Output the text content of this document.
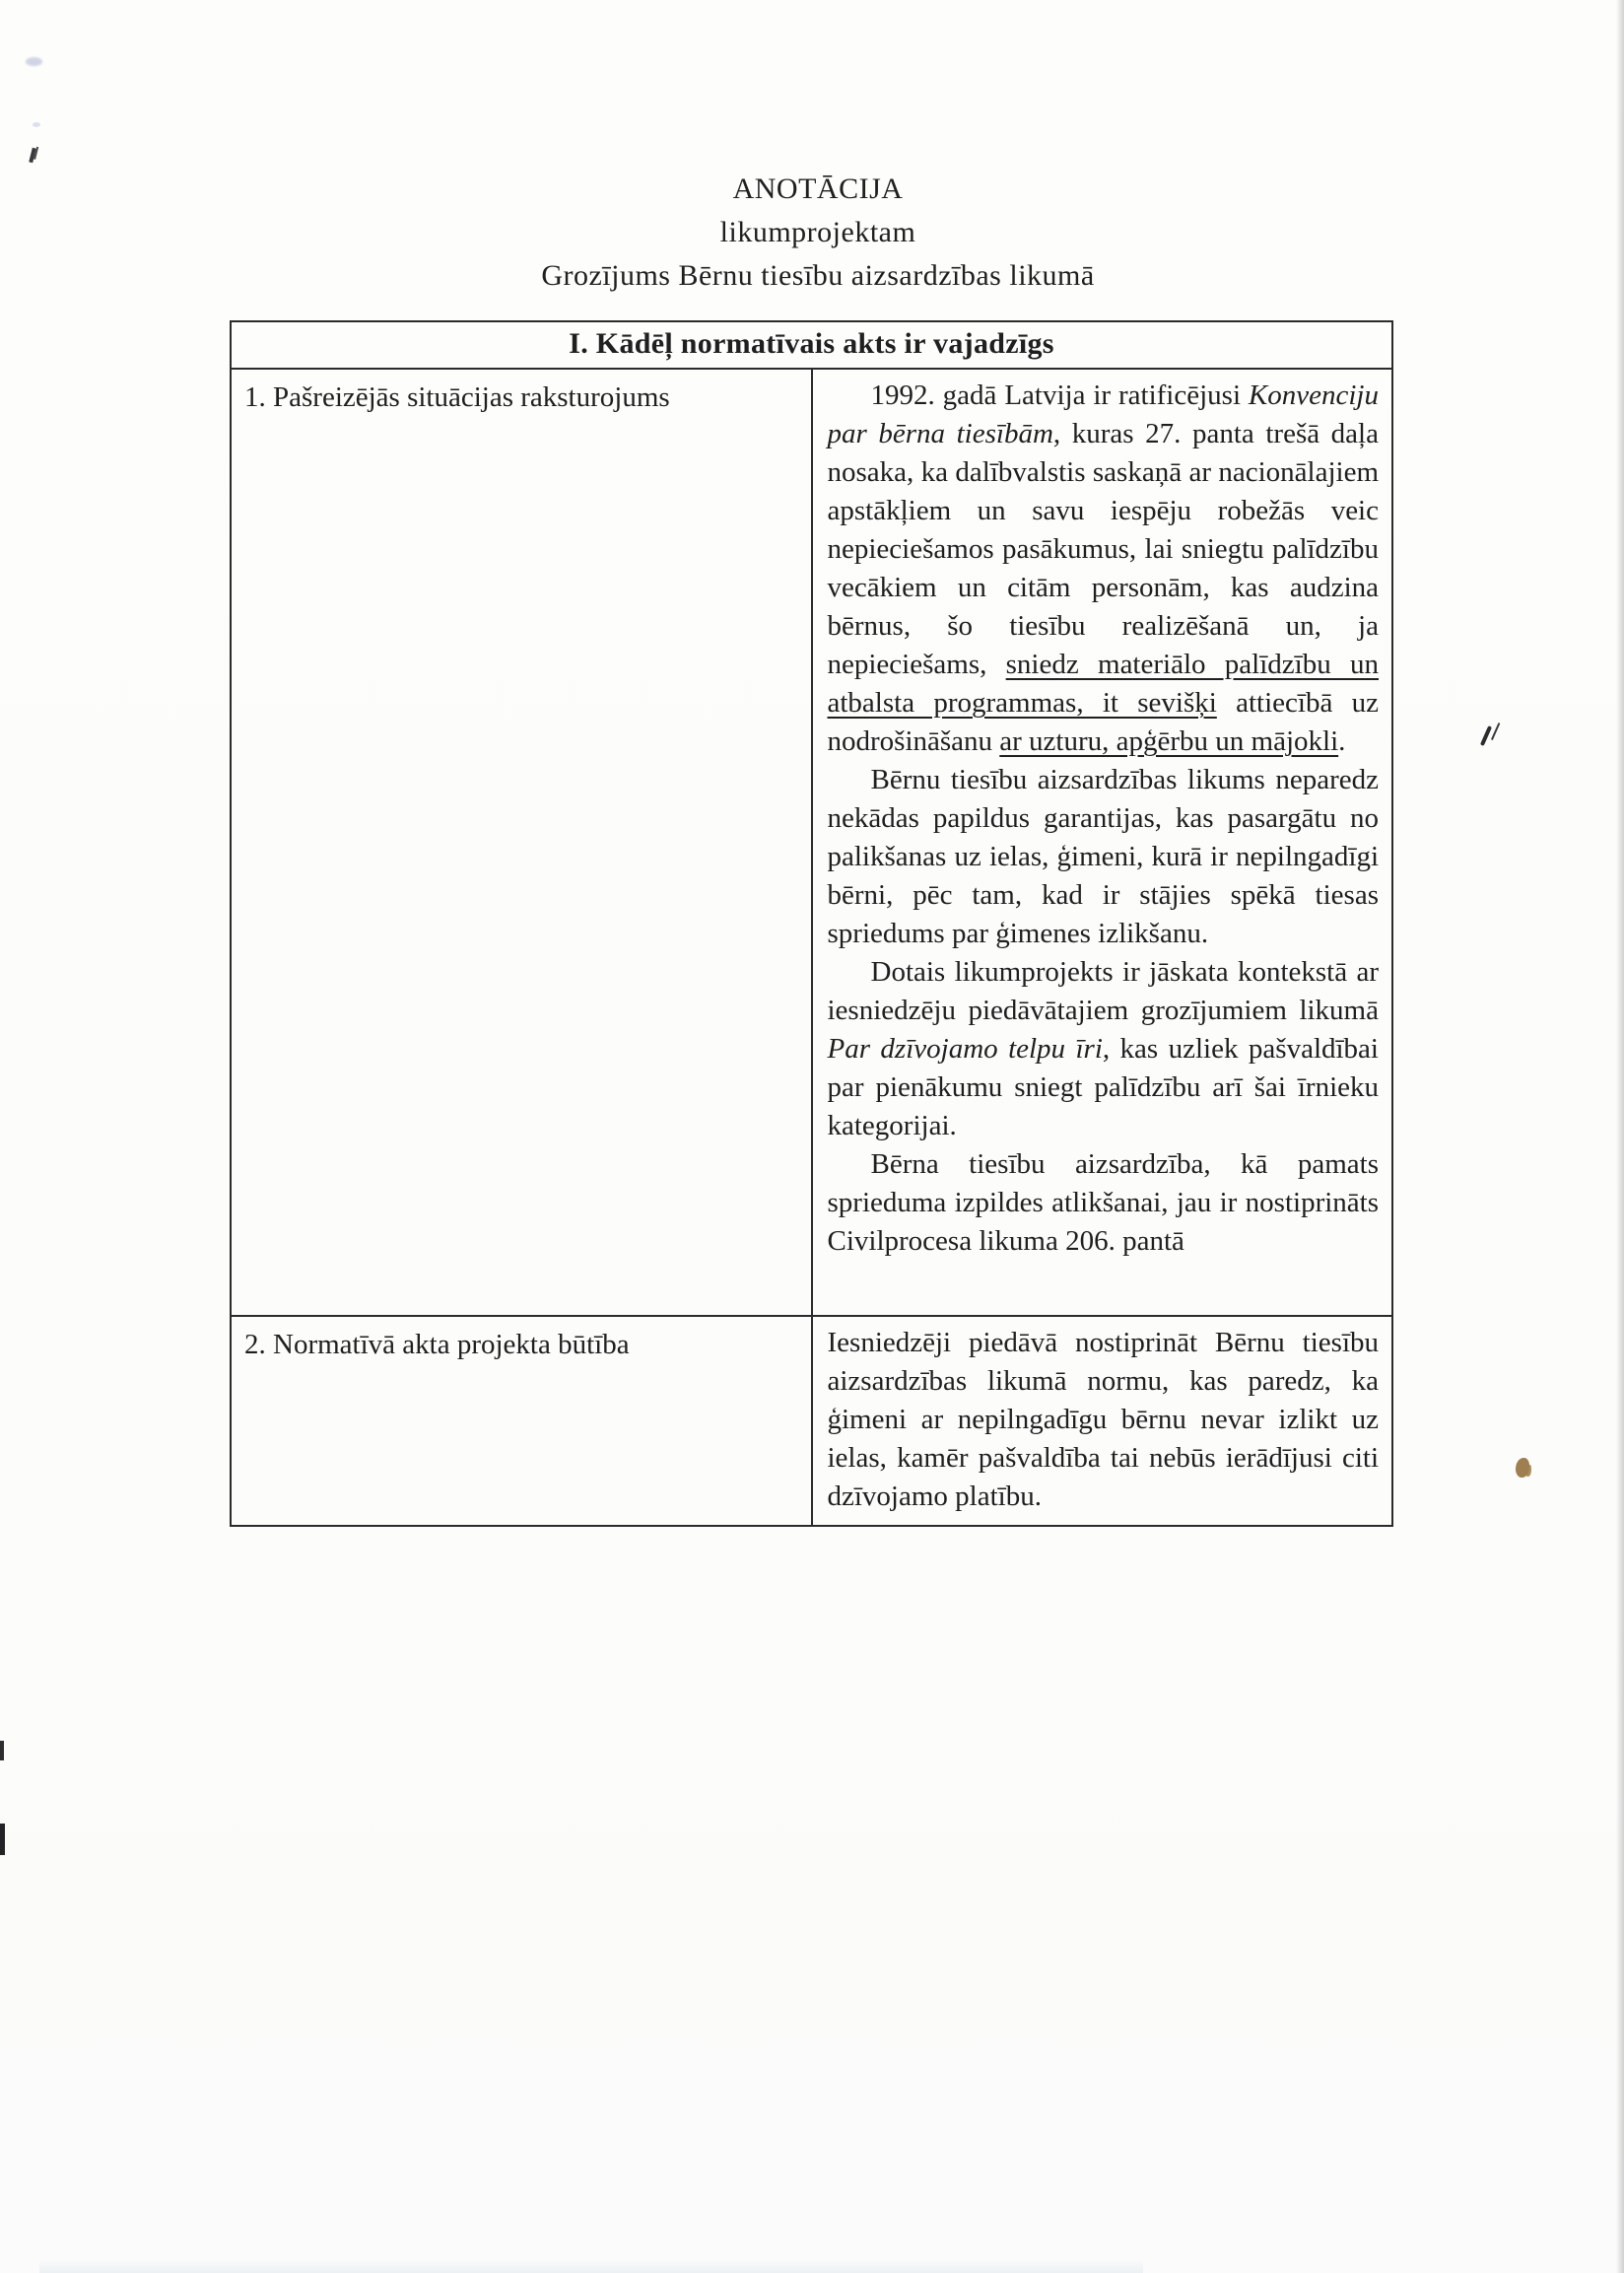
ANOTĀCIJA
likumprojektam
Grozījums Bērnu tiesību aizsardzības likumā
I. Kādēļ normatīvais akts ir vajadzīgs	
1. Pašreizējās situācijas raksturojums	1992. gadā Latvija ir ratificējusi Konvenciju par bērna tiesībām, kuras 27. panta trešā daļa nosaka, ka dalībvalstis saskaņā ar nacionālajiem apstākļiem un savu iespēju robežās veic nepieciešamos pasākumus, lai sniegtu palīdzību vecākiem un citām personām, kas audzina bērnus, šo tiesību realizēšanā un, ja nepieciešams, sniedz materiālo palīdzību un atbalsta programmas, it sevišķi attiecībā uz nodrošināšanu ar uzturu, apģērbu un mājokli.
Bērnu tiesību aizsardzības likums neparedz nekādas papildus garantijas, kas pasargātu no palikšanas uz ielas, ģimeni, kurā ir nepilngadīgi bērni, pēc tam, kad ir stājies spēkā tiesas spriedums par ģimenes izlikšanu.
Dotais likumprojekts ir jāskata kontekstā ar iesniedzēju piedāvātajiem grozījumiem likumā Par dzīvojamo telpu īri, kas uzliek pašvaldībai par pienākumu sniegt palīdzību arī šai īrnieku kategorijai.
Bērna tiesību aizsardzība, kā pamats sprieduma izpildes atlikšanai, jau ir nostiprināts Civilprocesa likuma 206. pantā

2. Normatīvā akta projekta būtība	Iesniedzēji piedāvā nostiprināt Bērnu tiesību aizsardzības likumā normu, kas paredz, ka ģimeni ar nepilngadīgu bērnu nevar izlikt uz ielas, kamēr pašvaldība tai nebūs ierādījusi citi dzīvojamo platību.
